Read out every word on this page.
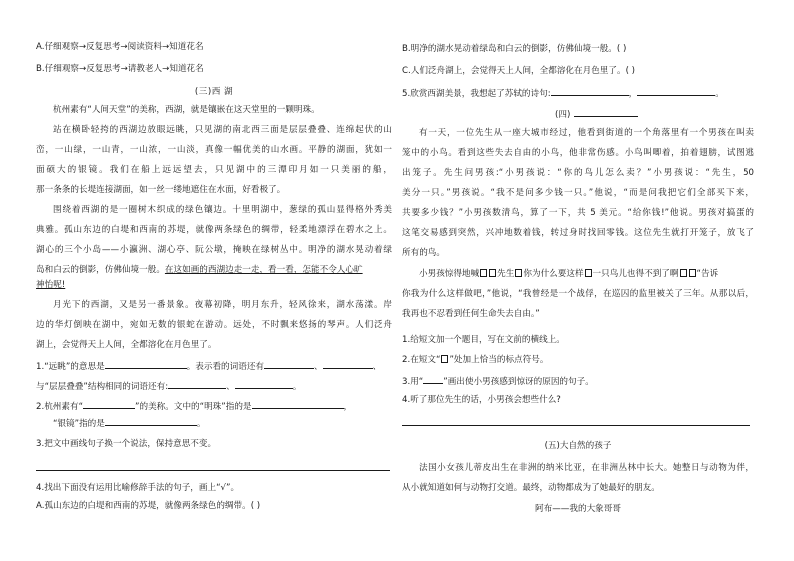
A.仔细观察→反复思考→阅读资料→知道花名
B.仔细观察→反复思考→请教老人→知道花名
(三)西 湖
杭州素有“人间天堂”的美称，西湖，就是镶嵌在这天堂里的一颗明珠。
站在横卧轻挎的西湖边放眼远眺，只见湖的南北西三面是层层叠叠、连绵起伏的山
峦，一山绿，一山青，一山浓，一山淡，真像一幅优美的山水画。平静的湖面，犹如一
面硕大的银镜。我们在船上远远望去，只见湖中的三潭印月如一只美丽的船，
那一条条的长堤连接湖面，如一丝一缕地遮住在水面，好看极了。
围绕着西湖的是一圈树木织成的绿色镶边。十里明湖中，葱绿的孤山显得格外秀美
典雅。孤山东边的白堤和西南的苏堤，就像两条绿色的绸带，轻柔地漂浮在碧水之上。
湖心的三个小岛——小瀛洲、湖心亭、阮公墩，掩映在绿树丛中。明净的湖水晃动着绿
岛和白云的倒影，仿佛仙境一般。在这如画的西湖边走一走，看一看，怎能不令人心旷
神怡呢!
月光下的西湖，又是另一番景象。夜幕初降，明月东升，轻风徐来，湖水荡漾。岸
边的华灯倒映在湖中，宛如无数的银蛇在游动。远处，不时飘来悠扬的琴声。人们泛舟
湖上，会觉得天上人间，全都溶化在月色里了。
1.“远眺”的意思是	。表示看的词语还有	、	、
与“层层叠叠”结构相同的词语还有:	、	。
2.杭州素有“	”的美称。文中的“明珠”指的是	，
“银镜”指的是	。
3.把文中画线句子换一个说法，保持意思不变。
4.找出下面没有运用比喻修辞手法的句子，画上“√”。
A.孤山东边的白堤和西南的苏堤，就像两条绿色的绸带。( )
B.明净的湖水晃动着绿岛和白云的倒影，仿佛仙境一般。( )
C.人们泛舟湖上，会觉得天上人间，全都溶化在月色里了。( )
5.欣赏西湖美景，我想起了苏轼的诗句:	，	。
(四)
有一天，一位先生从一座大城市经过，他看到街道的一个角落里有一个男孩在叫卖
笼中的小鸟。看到这些失去自由的小鸟，他非常伤感。小鸟叫唧着，拍着翅膀，试图逃
出笼子。先生问男孩:“小男孩说：“你的鸟儿怎么卖？”小男孩说：“先生，50
美分一只。”男孩说。“我不是问多少钱一只。”他说，“而是问我把它们全部买下来，
共要多少钱？”小男孩数清鸟，算了一下，共 5 美元。“给你钱!”他说。男孩对搞蛋的
这笔交易感到突然，兴冲地数着钱，转过身时找回零钱。这位先生就打开笼子，放飞了
所有的鸟。
小男孩惊得地喊 先生 你为什么要这样 一只鸟儿也得不到了啊 “告诉
你我为什么这样做吧，”他说，“我曾经是一个战俘，在巡囚的监里被关了三年。从那以后，
我再也不忍看到任何生命失去自由。”
1.给短文加一个题目，写在文前的横线上。
2.在短文“ ”处加上恰当的标点符号。
3.用“ ”画出使小男孩感到惊讶的原因的句子。
4.听了那位先生的话，小男孩会想些什么?
(五)大自然的孩子
法国小女孩儿蒂皮出生在非洲的纳米比亚，在非洲丛林中长大。她整日与动物为伴，
从小就知道如何与动物打交道。最终，动物都成为了她最好的朋友。
阿布——我的大象哥哥
